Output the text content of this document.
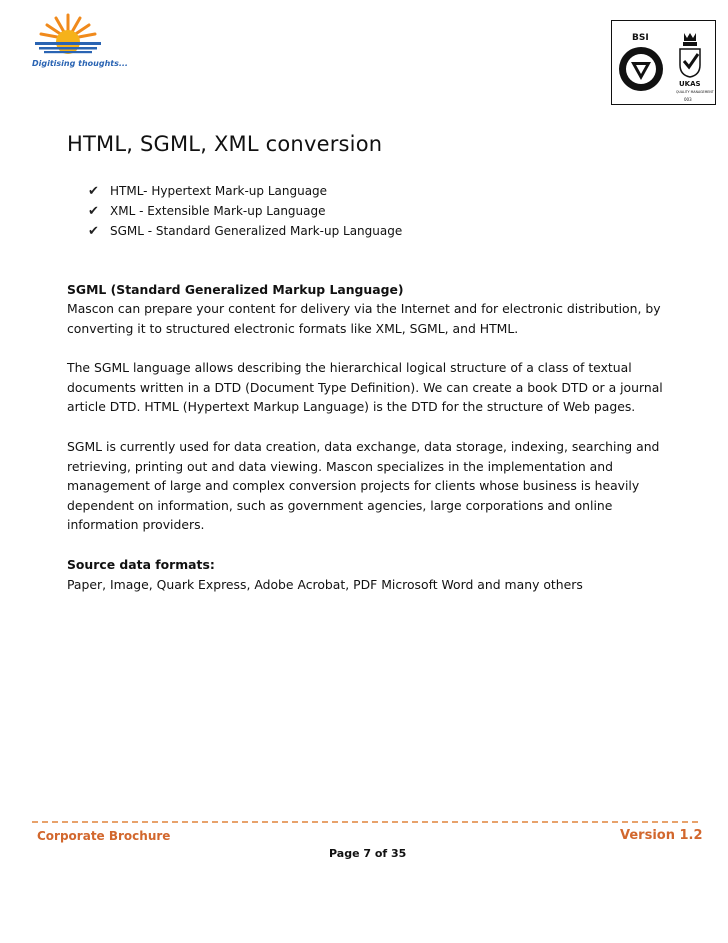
Digitising thoughts...
BSI
UKAS
QUALITY MANAGEMENT
003
HTML, SGML, XML conversion
✔ HTML- Hypertext Mark-up Language
✔ XML - Extensible Mark-up Language
✔ SGML - Standard Generalized Mark-up Language

SGML (Standard Generalized Markup Language)

Mascon can prepare your content for delivery via the Internet and for electronic distribution, by converting it to structured electronic formats like XML, SGML, and HTML.

The SGML language allows describing the hierarchical logical structure of a class of textual documents written in a DTD (Document Type Definition). We can create a book DTD or a journal article DTD. HTML (Hypertext Markup Language) is the DTD for the structure of Web pages.

SGML is currently used for data creation, data exchange, data storage, indexing, searching and retrieving, printing out and data viewing. Mascon specializes in the implementation and management of large and complex conversion projects for clients whose business is heavily dependent on information, such as government agencies, large corporations and online information providers.

Source data formats:

Paper, Image, Quark Express, Adobe Acrobat, PDF Microsoft Word and many others

Corporate Brochure	Version 1.2
Page 7 of 35
